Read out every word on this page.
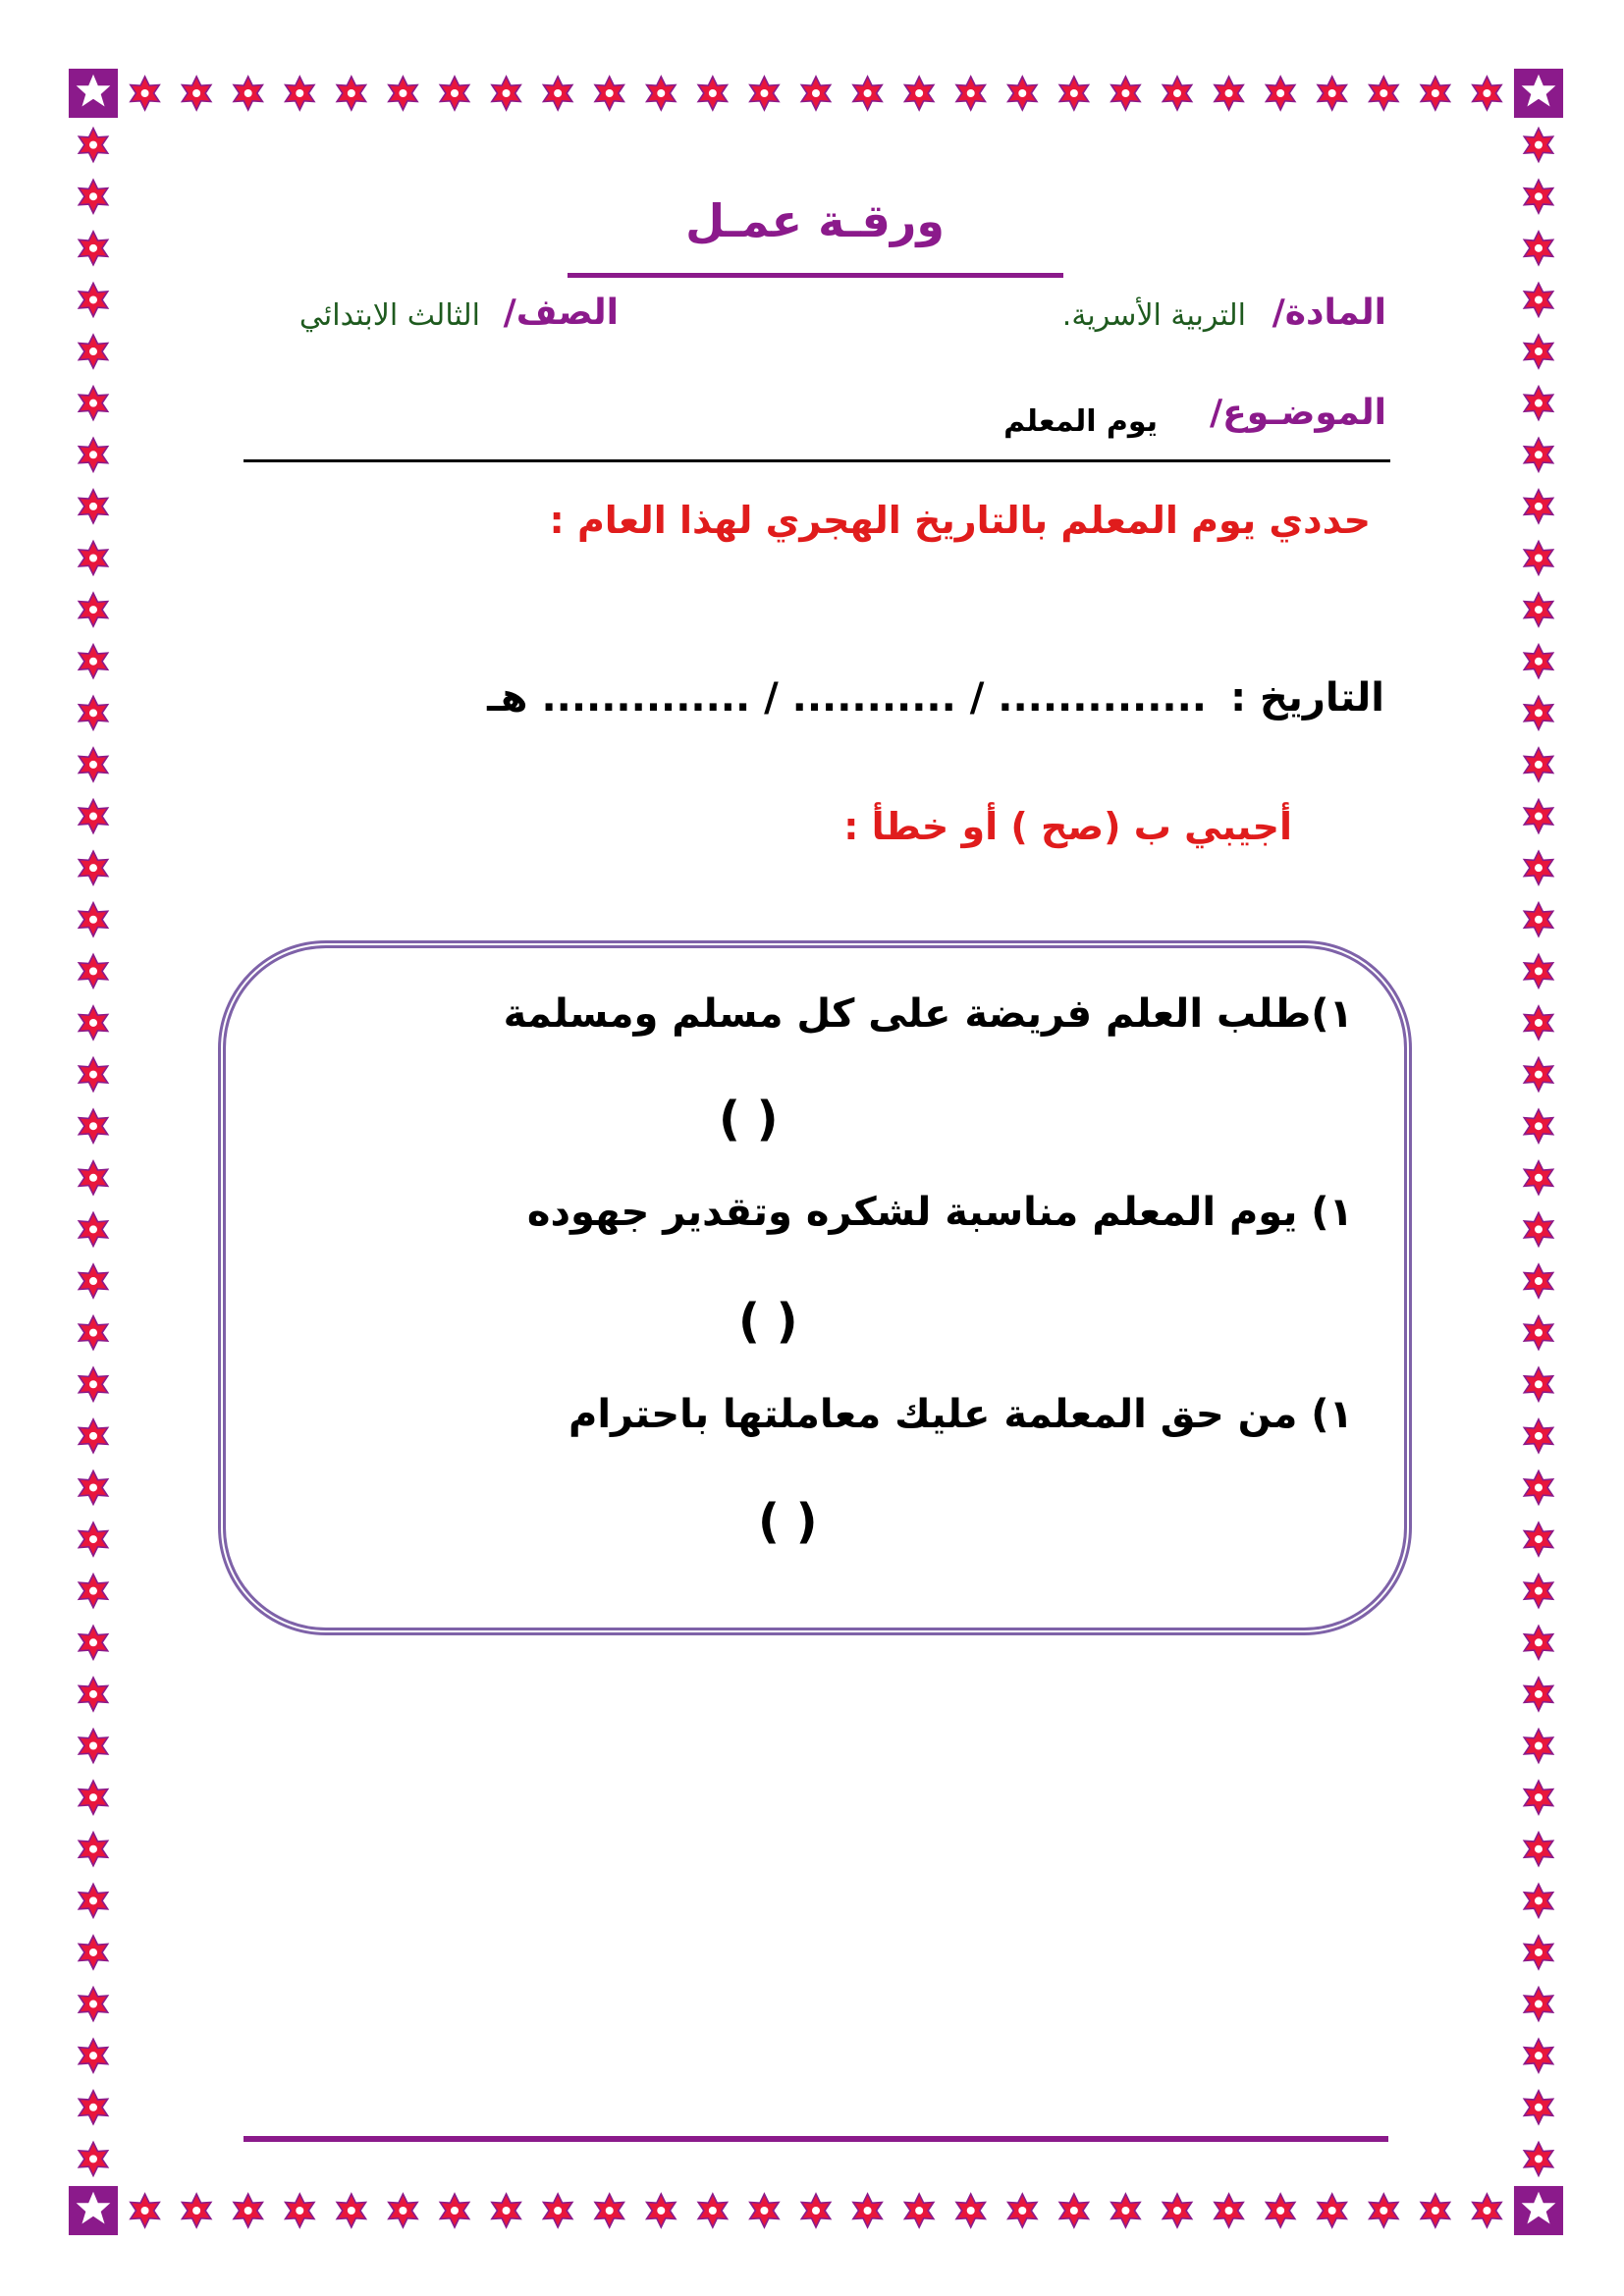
ورقـة عمـل
المادة/
التربية الأسرية.
الصف/
الثالث الابتدائي
الموضـوع/
يوم المعلم
حددي يوم المعلم بالتاريخ الهجري لهذا العام :
التاريخ :
.............. / ........... / .............. هـ
أجيبي ب (صح ) أو خطأ :
١)طلب العلم فريضة على كل مسلم ومسلمة
( )
١) يوم المعلم مناسبة لشكره وتقدير جهوده
( )
١) من حق المعلمة عليك معاملتها باحترام
( )
